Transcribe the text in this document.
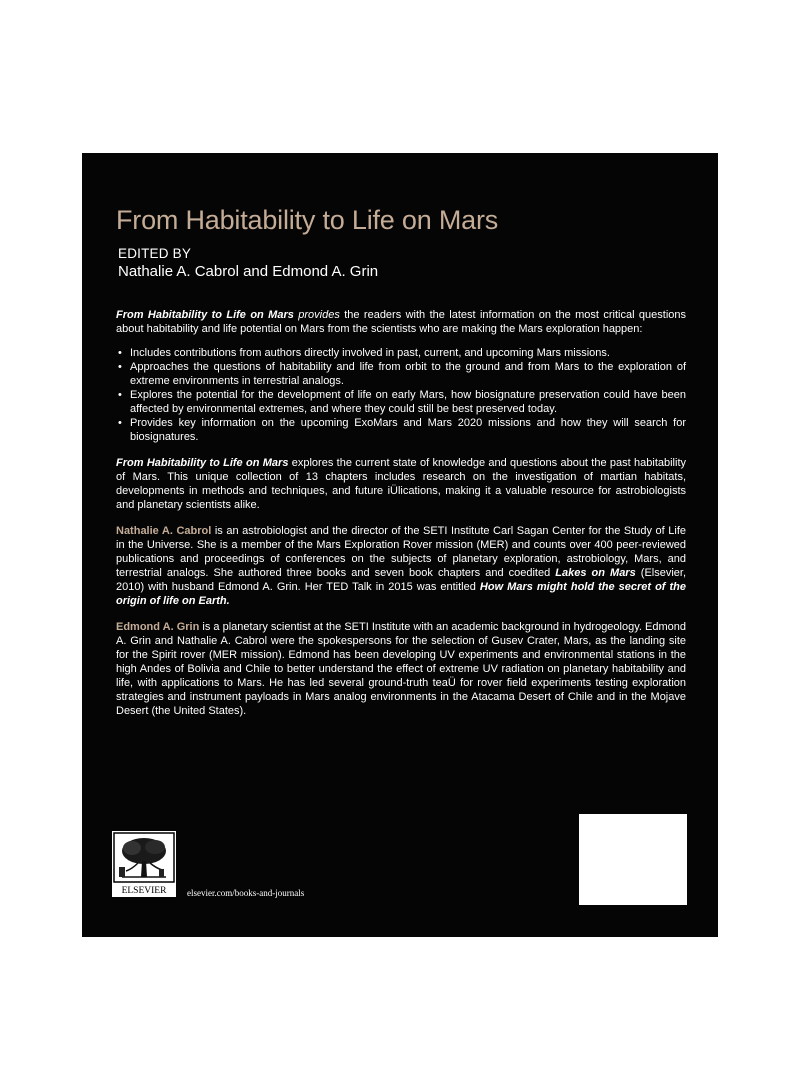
From Habitability to Life on Mars
EDITED BY
Nathalie A. Cabrol and Edmond A. Grin

From Habitability to Life on Mars provides the readers with the latest information on the most critical questions about habitability and life potential on Mars from the scientists who are making the Mars exploration happen:

• Includes contributions from authors directly involved in past, current, and upcoming Mars missions.
• Approaches the questions of habitability and life from orbit to the ground and from Mars to the exploration of extreme environments in terrestrial analogs.
• Explores the potential for the development of life on early Mars, how biosignature preservation could have been affected by environmental extremes, and where they could still be best preserved today.
• Provides key information on the upcoming ExoMars and Mars 2020 missions and how they will search for biosignatures.

From Habitability to Life on Mars explores the current state of knowledge and questions about the past habitability of Mars. This unique collection of 13 chapters includes research on the investigation of martian habitats, developments in methods and techniques, and future iÜlications, making it a valuable resource for astrobiologists and planetary scientists alike.

Nathalie A. Cabrol is an astrobiologist and the director of the SETI Institute Carl Sagan Center for the Study of Life in the Universe. She is a member of the Mars Exploration Rover mission (MER) and counts over 400 peer-reviewed publications and proceedings of conferences on the subjects of planetary exploration, astrobiology, Mars, and terrestrial analogs. She authored three books and seven book chapters and coedited Lakes on Mars (Elsevier, 2010) with husband Edmond A. Grin. Her TED Talk in 2015 was entitled How Mars might hold the secret of the origin of life on Earth.

Edmond A. Grin is a planetary scientist at the SETI Institute with an academic background in hydrogeology. Edmond A. Grin and Nathalie A. Cabrol were the spokespersons for the selection of Gusev Crater, Mars, as the landing site for the Spirit rover (MER mission). Edmond has been developing UV experiments and environmental stations in the high Andes of Bolivia and Chile to better understand the effect of extreme UV radiation on planetary habitability and life, with applications to Mars. He has led several ground-truth teaÜ for rover field experiments testing exploration strategies and instrument payloads in Mars analog environments in the Atacama Desert of Chile and in the Mojave Desert (the United States).

ELSEVIER elsevier.com/books-and-journals
